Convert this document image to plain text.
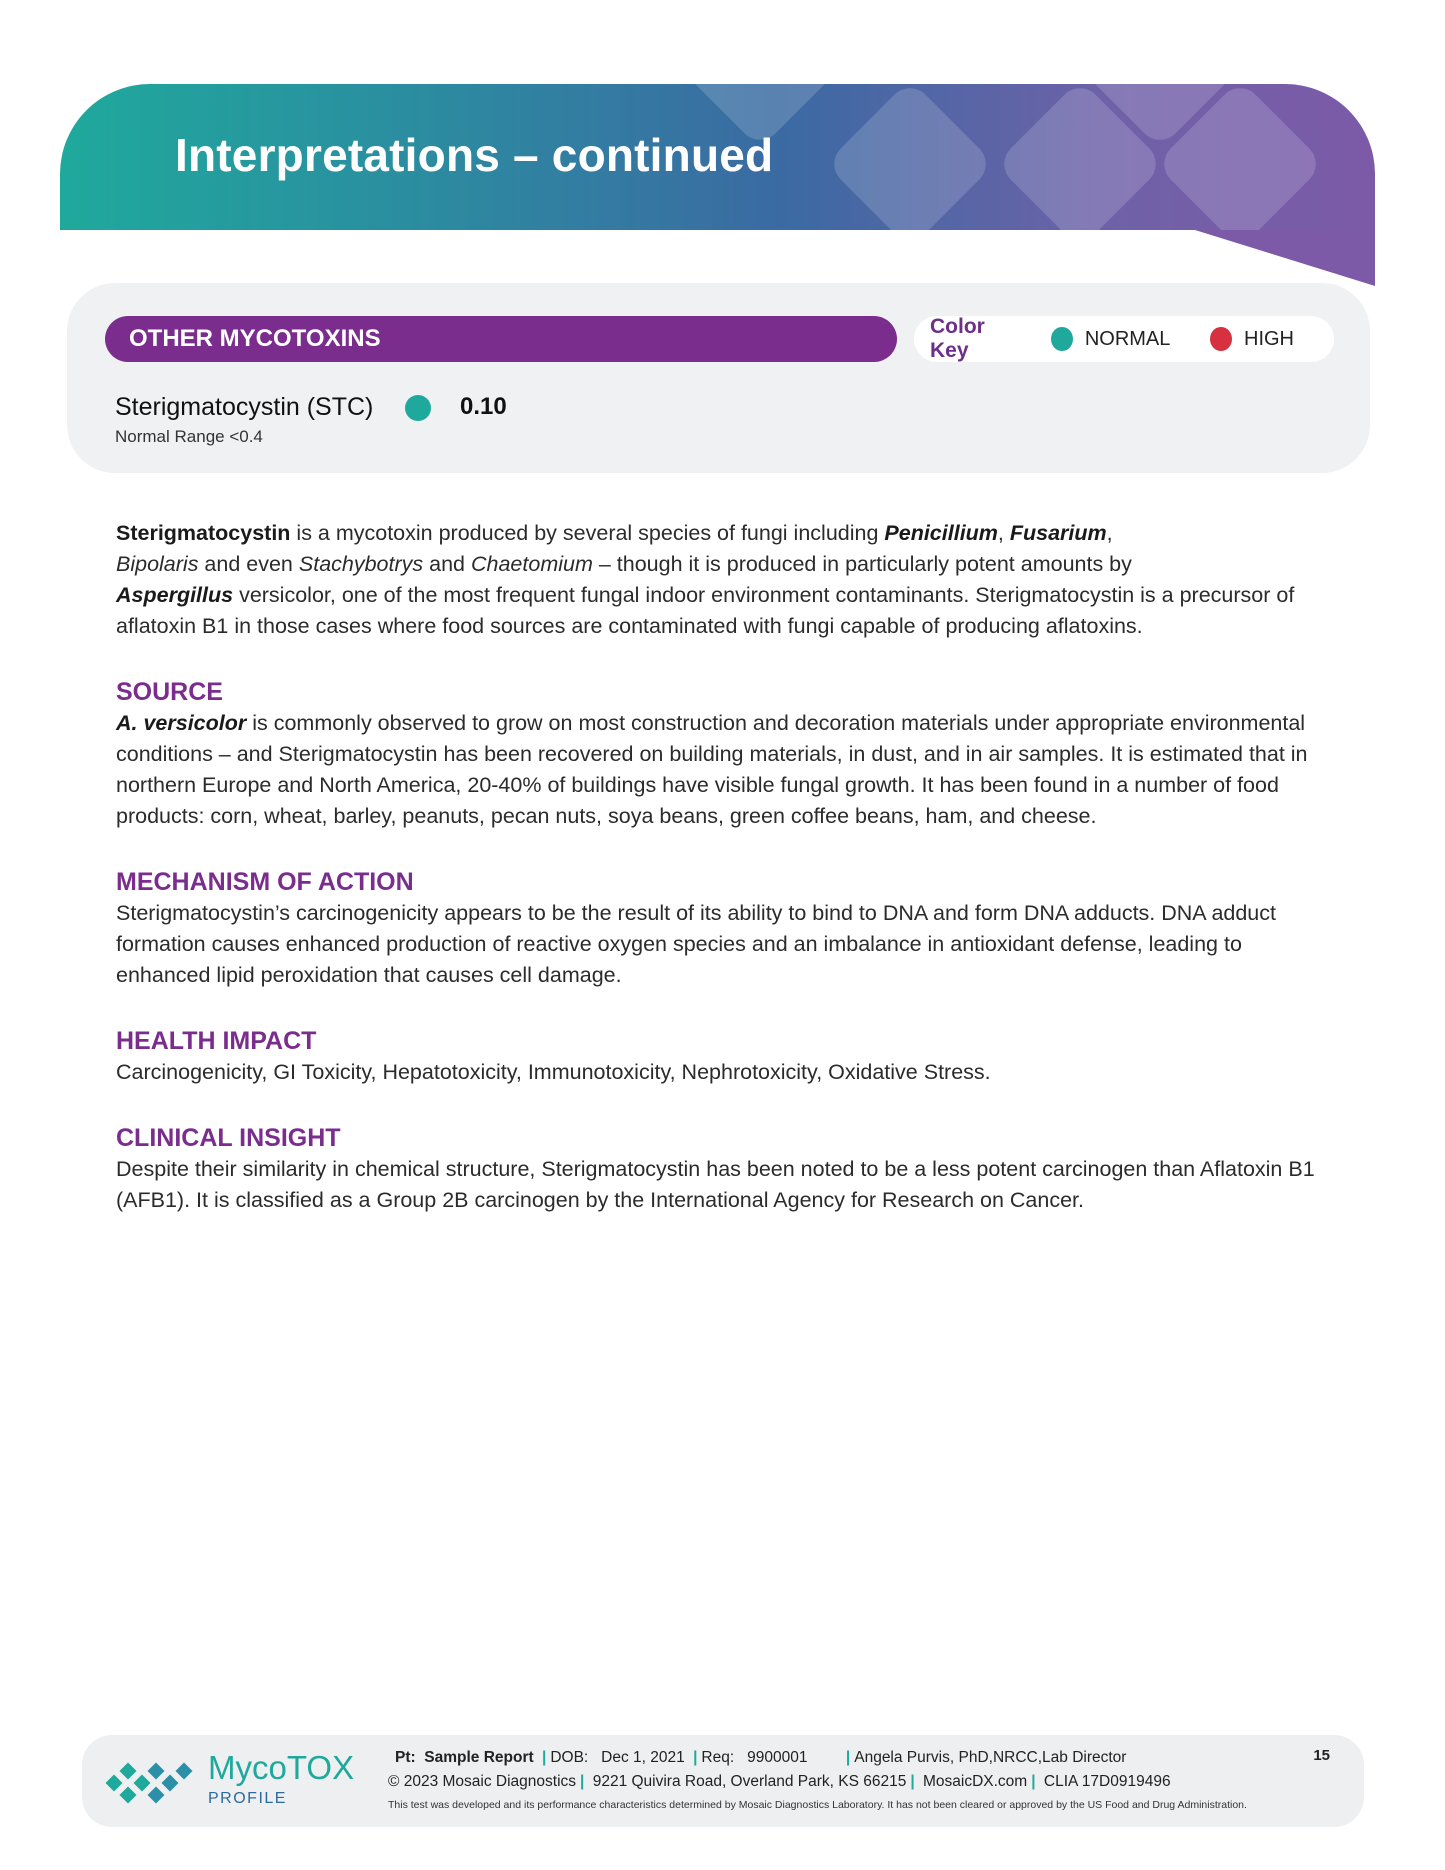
Interpretations – continued
OTHER MYCOTOXINS	Color Key
NORMAL	HIGH
Sterigmatocystin (STC)	0.10
Normal Range <0.4

Sterigmatocystin is a mycotoxin produced by several species of fungi including Penicillium, Fusarium,
Bipolaris and even Stachybotrys and Chaetomium – though it is produced in particularly potent amounts by
Aspergillus versicolor, one of the most frequent fungal indoor environment contaminants. Sterigmatocystin is a precursor of aflatoxin B1 in those cases where food sources are contaminated with fungi capable of producing aflatoxins.

SOURCE

A. versicolor is commonly observed to grow on most construction and decoration materials under appropriate environmental conditions – and Sterigmatocystin has been recovered on building materials, in dust, and in air samples. It is estimated that in northern Europe and North America, 20-40% of buildings have visible fungal growth. It has been found in a number of food products: corn, wheat, barley, peanuts, pecan nuts, soya beans, green coffee beans, ham, and cheese.

MECHANISM OF ACTION

Sterigmatocystin’s carcinogenicity appears to be the result of its ability to bind to DNA and form DNA adducts. DNA adduct formation causes enhanced production of reactive oxygen species and an imbalance in antioxidant defense, leading to enhanced lipid peroxidation that causes cell damage.

HEALTH IMPACT

Carcinogenicity, GI Toxicity, Hepatotoxicity, Immunotoxicity, Nephrotoxicity, Oxidative Stress.

CLINICAL INSIGHT

Despite their similarity in chemical structure, Sterigmatocystin has been noted to be a less potent carcinogen than Aflatoxin B1 (AFB1). It is classified as a Group 2B carcinogen by the International Agency for Research on Cancer.

MycoTOX
PROFILE
Pt: Sample Report | DOB: Dec 1, 2021 | Req: 9900001 | Angela Purvis, PhD,NRCC,Lab Director
© 2023 Mosaic Diagnostics | 9221 Quivira Road, Overland Park, KS 66215 | MosaicDX.com | CLIA 17D0919496
This test was developed and its performance characteristics determined by Mosaic Diagnostics Laboratory. It has not been cleared or approved by the US Food and Drug Administration.
15
